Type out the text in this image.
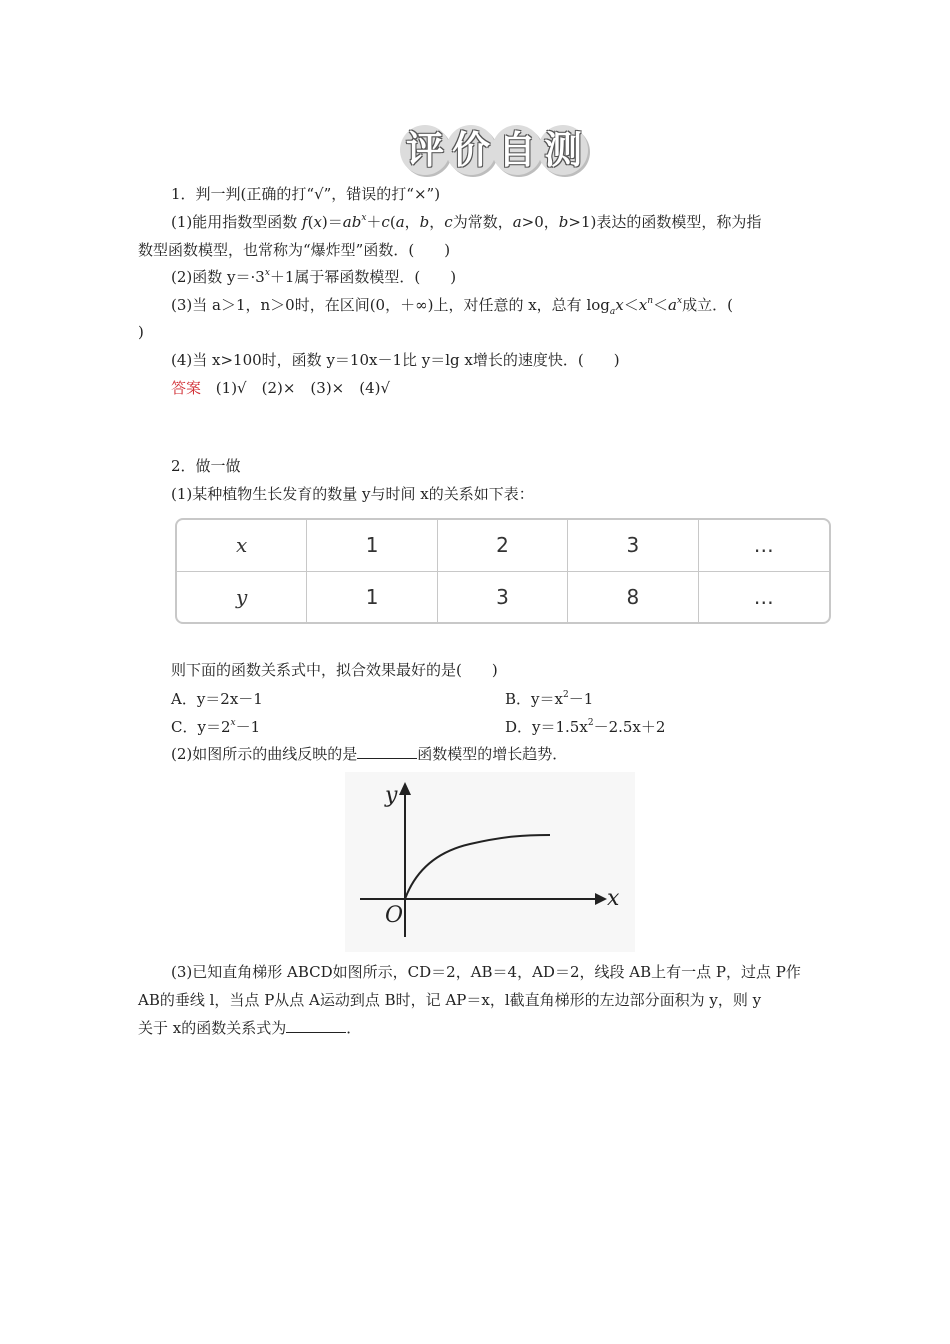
评 价 自 测
1．判一判(正确的打“√”，错误的打“×”)
(1)能用指数型函数 $f(x)=ab^x+c(a$，b，c为常数，a>0，b>1)表达的函数模型，称为指
数型函数模型，也常称为“爆炸型”函数．(　　)
(2)函数 $y=\cdot 3^x+1$属于幂函数模型．(　　)
(3)当 a＞1，n＞0时，在区间(0，＋∞)上，对任意的 x，总有 $\log_ax<x^n<a^x$成立．(
)
(4)当 x>100时，函数 y＝10x－1比 y＝lg x增长的速度快．(　　)
答案 (1)√　(2)×　(3)×　(4)√
2．做一做
(1)某种植物生长发育的数量 y与时间 x的关系如下表：
x	1	2	3	…
y	1	3	8	…
则下面的函数关系式中，拟合效果最好的是(　　)
A．y＝2x－1	B．$y=x^2-1$
C．$y=2^x-1$	D．$y=1.5x^2-2.5x+2$
(2)如图所示的曲线反映的是	函数模型的增长趋势．
y
x
O
(3)已知直角梯形 ABCD如图所示，CD＝2，AB＝4，AD＝2，线段 AB上有一点 P，过点 P作
AB的垂线 l，当点 P从点 A运动到点 B时，记 AP＝x，l截直角梯形的左边部分面积为 y，则 y
关于 x的函数关系式为	．
